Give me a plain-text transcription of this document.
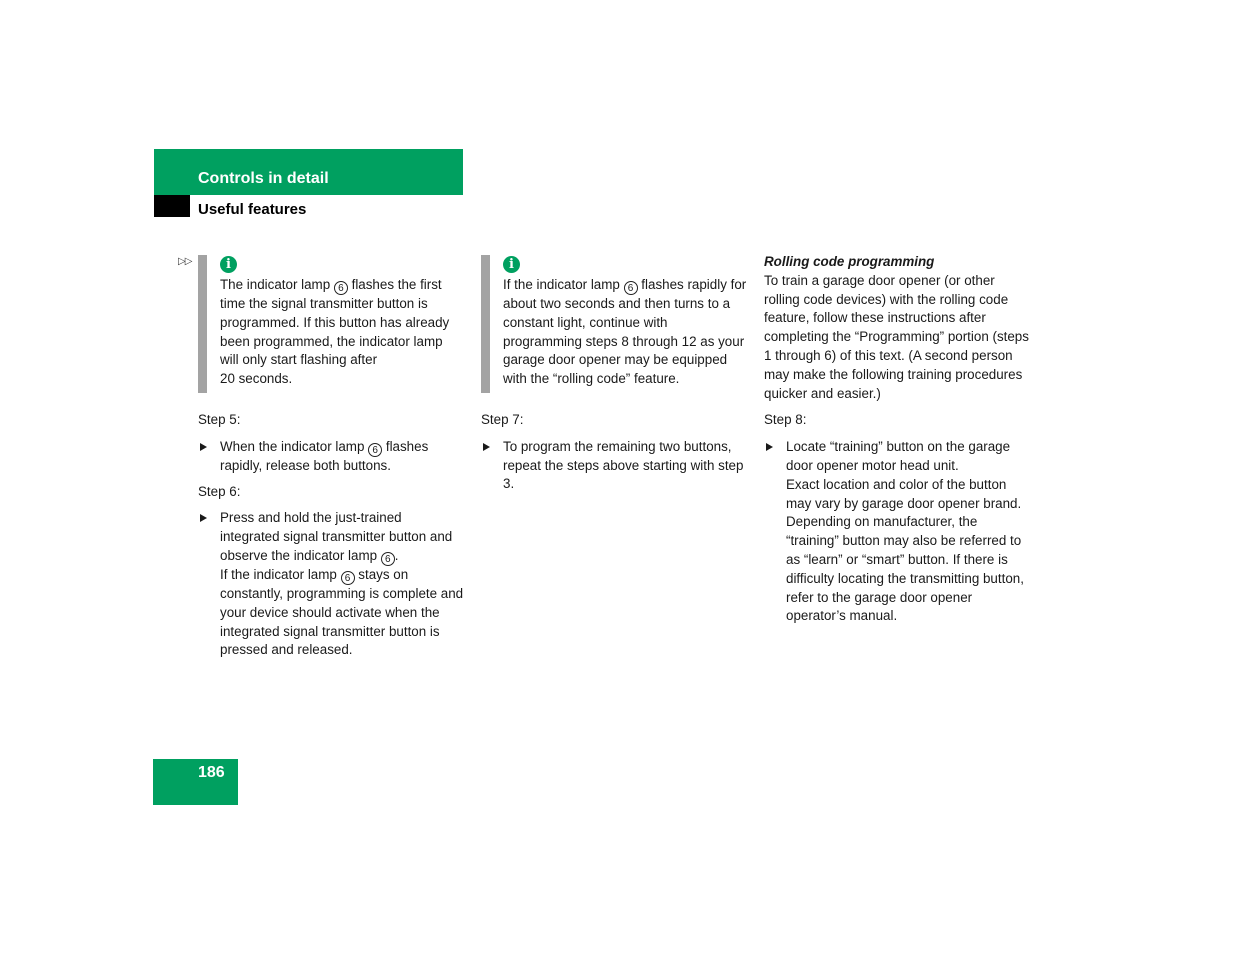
Controls in detail
Useful features
▷▷	i

The indicator lamp 6 flashes the first time the signal transmitter button is programmed. If this button has already been programmed, the indicator lamp will only start flashing after
20 seconds.

Step 5:

When the indicator lamp 6 flashes rapidly, release both buttons.

Step 6:

Press and hold the just-trained integrated signal transmitter button and observe the indicator lamp 6 .

If the indicator lamp 6 stays on constantly, programming is complete and your device should activate when the integrated signal transmitter button is pressed and released.

i

If the indicator lamp 6 flashes rapidly for about two seconds and then turns to a constant light, continue with programming steps 8 through 12 as your garage door opener may be equipped with the “rolling code” feature.

Step 7:

To program the remaining two buttons, repeat the steps above starting with step 3.

Rolling code programming

To train a garage door opener (or other rolling code devices) with the rolling code feature, follow these instructions after completing the “Programming” portion (steps 1 through 6) of this text. (A second person may make the following training procedures quicker and easier.)

Step 8:

Locate “training” button on the garage door opener motor head unit.

Exact location and color of the button may vary by garage door opener brand. Depending on manufacturer, the “training” button may also be referred to as “learn” or “smart” button. If there is difficulty locating the transmitting button, refer to the garage door opener operator’s manual.

186
